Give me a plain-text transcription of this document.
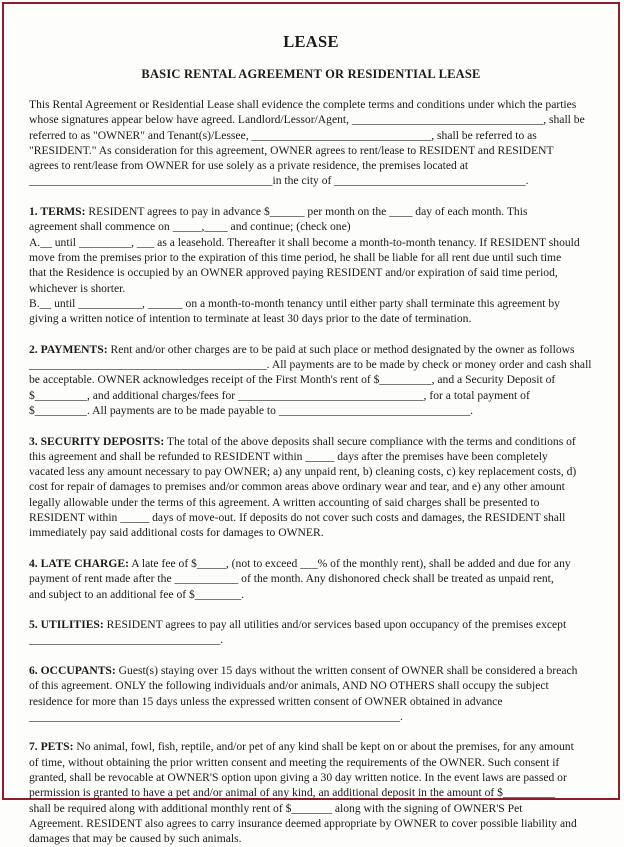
LEASE
BASIC RENTAL AGREEMENT OR RESIDENTIAL LEASE

This Rental Agreement or Residential Lease shall evidence the complete terms and conditions under which the parties
whose signatures appear below have agreed. Landlord/Lessor/Agent, _________________________________, shall be
referred to as "OWNER" and Tenant(s)/Lessee, _______________________________, shall be referred to as
"RESIDENT." As consideration for this agreement, OWNER agrees to rent/lease to RESIDENT and RESIDENT
agrees to rent/lease from OWNER for use solely as a private residence, the premises located at
__________________________________________in the city of _________________________________.

1. TERMS: RESIDENT agrees to pay in advance $______ per month on the ____ day of each month. This
agreement shall commence on _____,____ and continue; (check one)
A.__ until _________, ___ as a leasehold. Thereafter it shall become a month-to-month tenancy. If RESIDENT should
move from the premises prior to the expiration of this time period, he shall be liable for all rent due until such time
that the Residence is occupied by an OWNER approved paying RESIDENT and/or expiration of said time period,
whichever is shorter.
B.__ until ___________, ______ on a month-to-month tenancy until either party shall terminate this agreement by
giving a written notice of intention to terminate at least 30 days prior to the date of termination.

2. PAYMENTS: Rent and/or other charges are to be paid at such place or method designated by the owner as follows
_________________________________________. All payments are to be made by check or money order and cash shall
be acceptable. OWNER acknowledges receipt of the First Month's rent of $_________, and a Security Deposit of
$_________, and additional charges/fees for ________________________________, for a total payment of
$_________. All payments are to be made payable to _________________________________.

3. SECURITY DEPOSITS: The total of the above deposits shall secure compliance with the terms and conditions of
this agreement and shall be refunded to RESIDENT within _____ days after the premises have been completely
vacated less any amount necessary to pay OWNER; a) any unpaid rent, b) cleaning costs, c) key replacement costs, d)
cost for repair of damages to premises and/or common areas above ordinary wear and tear, and e) any other amount
legally allowable under the terms of this agreement. A written accounting of said charges shall be presented to
RESIDENT within _____ days of move-out. If deposits do not cover such costs and damages, the RESIDENT shall
immediately pay said additional costs for damages to OWNER.

4. LATE CHARGE: A late fee of $_____, (not to exceed ___% of the monthly rent), shall be added and due for any
payment of rent made after the ___________ of the month. Any dishonored check shall be treated as unpaid rent,
and subject to an additional fee of $________.

5. UTILITIES: RESIDENT agrees to pay all utilities and/or services based upon occupancy of the premises except
_________________________________.

6. OCCUPANTS: Guest(s) staying over 15 days without the written consent of OWNER shall be considered a breach
of this agreement. ONLY the following individuals and/or animals, AND NO OTHERS shall occupy the subject
residence for more than 15 days unless the expressed written consent of OWNER obtained in advance
________________________________________________________________.

7. PETS: No animal, fowl, fish, reptile, and/or pet of any kind shall be kept on or about the premises, for any amount
of time, without obtaining the prior written consent and meeting the requirements of the OWNER. Such consent if
granted, shall be revocable at OWNER'S option upon giving a 30 day written notice. In the event laws are passed or
permission is granted to have a pet and/or animal of any kind, an additional deposit in the amount of $_________
shall be required along with additional monthly rent of $_______ along with the signing of OWNER'S Pet
Agreement. RESIDENT also agrees to carry insurance deemed appropriate by OWNER to cover possible liability and
damages that may be caused by such animals.
